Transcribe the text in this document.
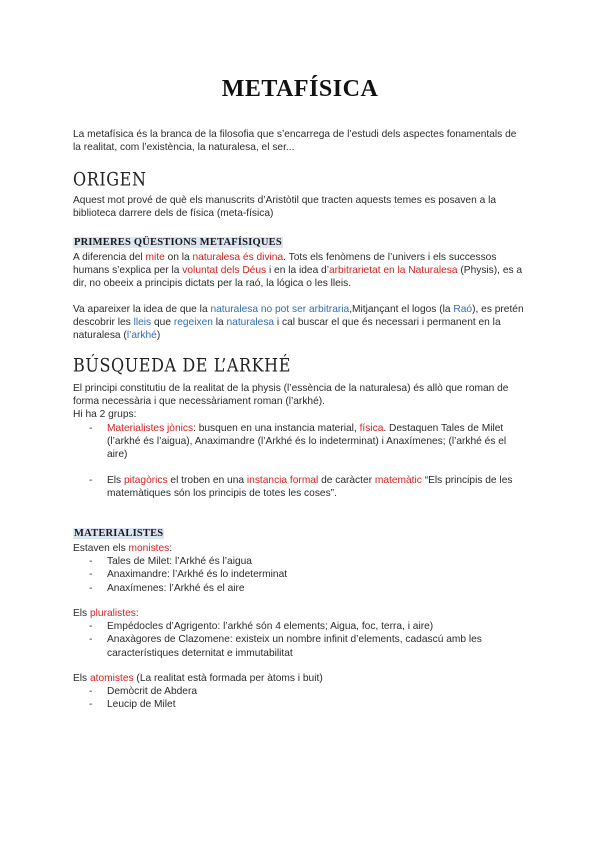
METAFÍSICA
La metafísica és la branca de la filosofia que s’encarrega de l’estudi dels aspectes fonamentals de la realitat, com l’existència, la naturalesa, el ser...
ORIGEN
Aquest mot prové de què els manuscrits d’Aristòtil que tracten aquests temes es posaven a la biblioteca darrere dels de física (meta-física)
PRIMERES QÜESTIONS METAFÍSIQUES
A diferencia del mite on la naturalesa és divina. Tots els fenòmens de l’univers i els successos humans s’explica per la voluntat dels Déus i en la idea d’arbitrarietat en la Naturalesa (Physis), es a dir, no obeeix a principis dictats per la raó, la lógica o les lleis.
Va apareixer la idea de que la naturalesa no pot ser arbitraria,Mitjançant el logos (la Raó), es pretén descobrir les lleis que regeixen la naturalesa i cal buscar el que és necessari i permanent en la naturalesa (l’arkhé)
BÚSQUEDA DE L’ARKHÉ

El principi constitutiu de la realitat de la physis (l’essència de la naturalesa) és allò que roman de forma necessària i que necessàriament roman (l’arkhé).

Hi ha 2 grups:

- Materialistes jònics: busquen en una instancia material, física. Destaquen Tales de Milet (l’arkhé és l’aigua), Anaximandre (l’Arkhé és lo indeterminat) i Anaxímenes; (l’arkhé és el aire)
- Els pitagòrics el troben en una instancia formal de caràcter matemàtic “Els principis de les matemàtiques són los principis de totes les coses”.
MATERIALISTES

Estaven els monistes:

- Tales de Milet: l’Arkhé és l’aigua
- Anaximandre: l’Arkhé és lo indeterminat
- Anaxímenes: l’Arkhé és el aire

Els pluralistes:

- Empédocles d’Agrigento: l’arkhé són 4 elements; Aigua, foc, terra, i aire)
- Anaxàgores de Clazomene: existeix un nombre infinit d’elements, cadascú amb les característiques deternitat e immutabilitat

Els atomistes (La realitat està formada per àtoms i buit)

- Demòcrit de Abdera
- Leucip de Milet
